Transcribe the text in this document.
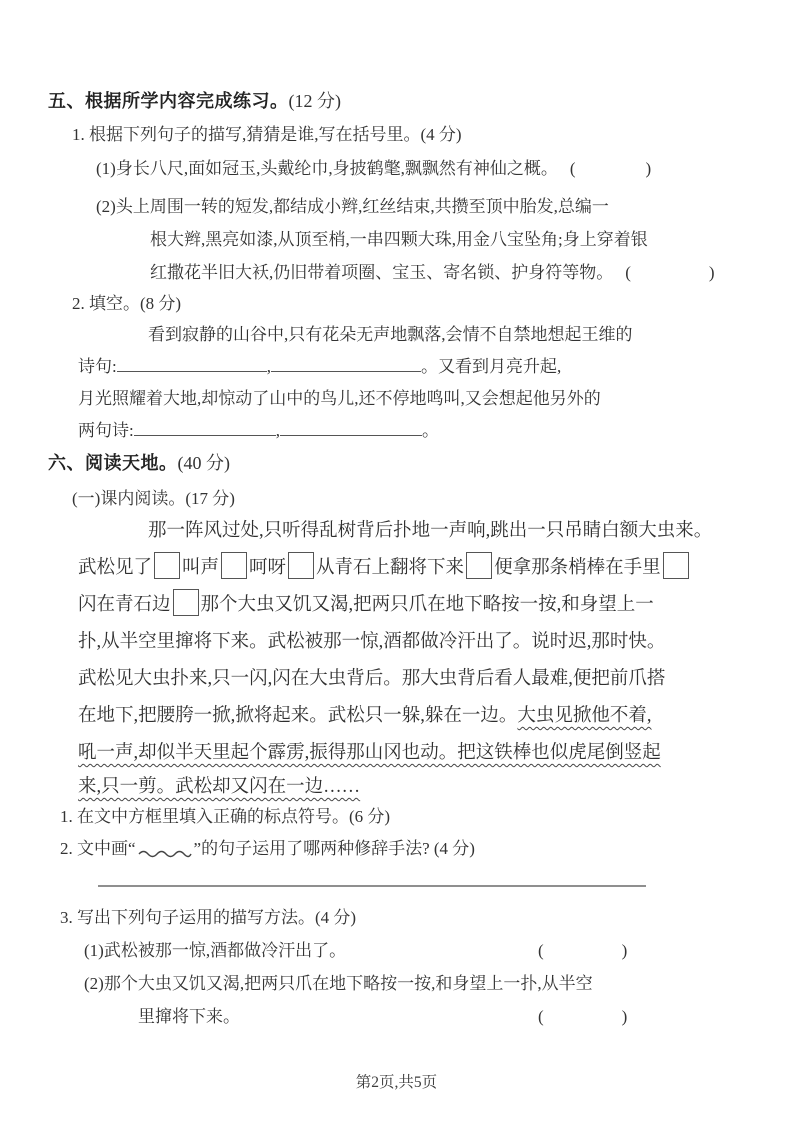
五、根据所学内容完成练习。(12 分)
1. 根据下列句子的描写,猜猜是谁,写在括号里。(4 分)
(1)身长八尺,面如冠玉,头戴纶巾,身披鹤氅,飘飘然有神仙之概。 (	)
(2)头上周围一转的短发,都结成小辫,红丝结束,共攒至顶中胎发,总编一
根大辫,黑亮如漆,从顶至梢,一串四颗大珠,用金八宝坠角;身上穿着银
红撒花半旧大袄,仍旧带着项圈、宝玉、寄名锁、护身符等物。 (	)
2. 填空。(8 分)
看到寂静的山谷中,只有花朵无声地飘落,会情不自禁地想起王维的
诗句:	,	。又看到月亮升起,
月光照耀着大地,却惊动了山中的鸟儿,还不停地鸣叫,又会想起他另外的
两句诗:	,	。
六、阅读天地。(40 分)
(一)课内阅读。(17 分)
那一阵风过处,只听得乱树背后扑地一声响,跳出一只吊睛白额大虫来。
武松见了 叫声 呵呀 从青石上翻将下来 便拿那条梢棒在手里
闪在青石边 那个大虫又饥又渴,把两只爪在地下略按一按,和身望上一
扑,从半空里撺将下来。武松被那一惊,酒都做冷汗出了。说时迟,那时快。
武松见大虫扑来,只一闪,闪在大虫背后。那大虫背后看人最难,便把前爪搭
在地下,把腰胯一掀,掀将起来。武松只一躲,躲在一边。大虫见掀他不着,
吼一声,却似半天里起个霹雳,振得那山冈也动。把这铁棒也似虎尾倒竖起
来,只一剪。武松却又闪在一边……
1. 在文中方框里填入正确的标点符号。(6 分)
2. 文中画“	”的句子运用了哪两种修辞手法? (4 分)
3. 写出下列句子运用的描写方法。(4 分)
(1)武松被那一惊,酒都做冷汗出了。	(	)
(2)那个大虫又饥又渴,把两只爪在地下略按一按,和身望上一扑,从半空
里撺将下来。	(	)
第2页,共5页
